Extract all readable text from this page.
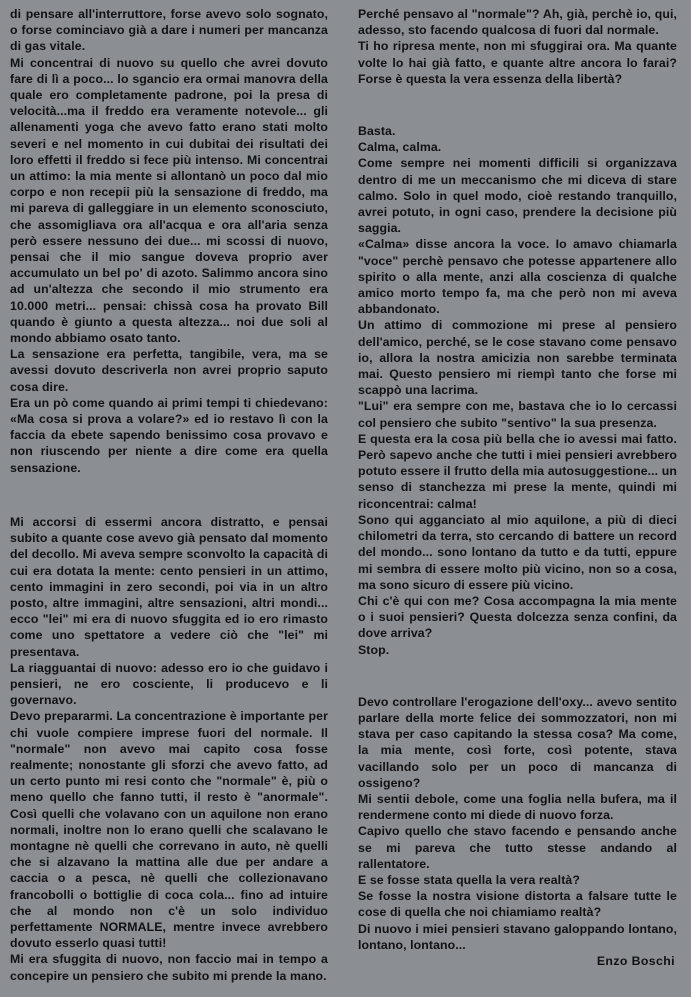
di pensare all'interruttore, forse avevo solo sognato, o forse cominciavo già a dare i numeri per mancanza di gas vitale.

Mi concentrai di nuovo su quello che avrei dovuto fare di lì a poco... lo sgancio era ormai manovra della quale ero completamente padrone, poi la presa di velocità...ma il freddo era veramente notevole... gli allenamenti yoga che avevo fatto erano stati molto severi e nel momento in cui dubitai dei risultati dei loro effetti il freddo si fece più intenso. Mi concentrai un attimo: la mia mente si allontanò un poco dal mio corpo e non recepii più la sensazione di freddo, ma mi pareva di galleggiare in un elemento sconosciuto, che assomigliava ora all'acqua e ora all'aria senza però essere nessuno dei due... mi scossi di nuovo, pensai che il mio sangue doveva proprio aver accumulato un bel po' di azoto. Salimmo ancora sino ad un'altezza che secondo il mio strumento era 10.000 metri... pensai: chissà cosa ha provato Bill quando è giunto a questa altezza... noi due soli al mondo abbiamo osato tanto.

La sensazione era perfetta, tangibile, vera, ma se avessi dovuto descriverla non avrei proprio saputo cosa dire.

Era un pò come quando ai primi tempi ti chiedevano: «Ma cosa si prova a volare?» ed io restavo lì con la faccia da ebete sapendo benissimo cosa provavo e non riuscendo per niente a dire come era quella sensazione.

Mi accorsi di essermi ancora distratto, e pensai subito a quante cose avevo già pensato dal momento del decollo. Mi aveva sempre sconvolto la capacità di cui era dotata la mente: cento pensieri in un attimo, cento immagini in zero secondi, poi via in un altro posto, altre immagini, altre sensazioni, altri mondi... ecco "lei" mi era di nuovo sfuggita ed io ero rimasto come uno spettatore a vedere ciò che "lei" mi presentava.

La riagguantai di nuovo: adesso ero io che guidavo i pensieri, ne ero cosciente, li producevo e li governavo.

Devo prepararmi. La concentrazione è importante per chi vuole compiere imprese fuori del normale. Il "normale" non avevo mai capito cosa fosse realmente; nonostante gli sforzi che avevo fatto, ad un certo punto mi resi conto che "normale" è, più o meno quello che fanno tutti, il resto è "anormale". Così quelli che volavano con un aquilone non erano normali, inoltre non lo erano quelli che scalavano le montagne nè quelli che correvano in auto, nè quelli che si alzavano la mattina alle due per andare a caccia o a pesca, nè quelli che collezionavano francobolli o bottiglie di coca cola... fino ad intuire che al mondo non c'è un solo individuo perfettamente NORMALE, mentre invece avrebbero dovuto esserlo quasi tutti!

Mi era sfuggita di nuovo, non faccio mai in tempo a concepire un pensiero che subito mi prende la mano.

Perché pensavo al "normale"? Ah, già, perchè io, qui, adesso, sto facendo qualcosa di fuori dal normale.

Ti ho ripresa mente, non mi sfuggirai ora. Ma quante volte lo hai già fatto, e quante altre ancora lo farai? Forse è questa la vera essenza della libertà?

Basta.

Calma, calma.

Come sempre nei momenti difficili si organizzava dentro di me un meccanismo che mi diceva di stare calmo. Solo in quel modo, cioè restando tranquillo, avrei potuto, in ogni caso, prendere la decisione più saggia.

«Calma» disse ancora la voce. Io amavo chiamarla "voce" perchè pensavo che potesse appartenere allo spirito o alla mente, anzi alla coscienza di qualche amico morto tempo fa, ma che però non mi aveva abbandonato.

Un attimo di commozione mi prese al pensiero dell'amico, perché, se le cose stavano come pensavo io, allora la nostra amicizia non sarebbe terminata mai. Questo pensiero mi riempì tanto che forse mi scappò una lacrima.

"Lui" era sempre con me, bastava che io lo cercassi col pensiero che subito "sentivo" la sua presenza.

E questa era la cosa più bella che io avessi mai fatto. Però sapevo anche che tutti i miei pensieri avrebbero potuto essere il frutto della mia autosuggestione... un senso di stanchezza mi prese la mente, quindi mi riconcentrai: calma!

Sono qui agganciato al mio aquilone, a più di dieci chilometri da terra, sto cercando di battere un record del mondo... sono lontano da tutto e da tutti, eppure mi sembra di essere molto più vicino, non so a cosa, ma sono sicuro di essere più vicino.

Chi c'è qui con me? Cosa accompagna la mia mente o i suoi pensieri? Questa dolcezza senza confini, da dove arriva?

Stop.

Devo controllare l'erogazione dell'oxy... avevo sentito parlare della morte felice dei sommozzatori, non mi stava per caso capitando la stessa cosa? Ma come, la mia mente, così forte, così potente, stava vacillando solo per un poco di mancanza di ossigeno?

Mi sentii debole, come una foglia nella bufera, ma il rendermene conto mi diede di nuovo forza.

Capivo quello che stavo facendo e pensando anche se mi pareva che tutto stesse andando al rallentatore.

E se fosse stata quella la vera realtà?

Se fosse la nostra visione distorta a falsare tutte le cose di quella che noi chiamiamo realtà?

Di nuovo i miei pensieri stavano galoppando lontano, lontano, lontano...

Enzo Boschi
